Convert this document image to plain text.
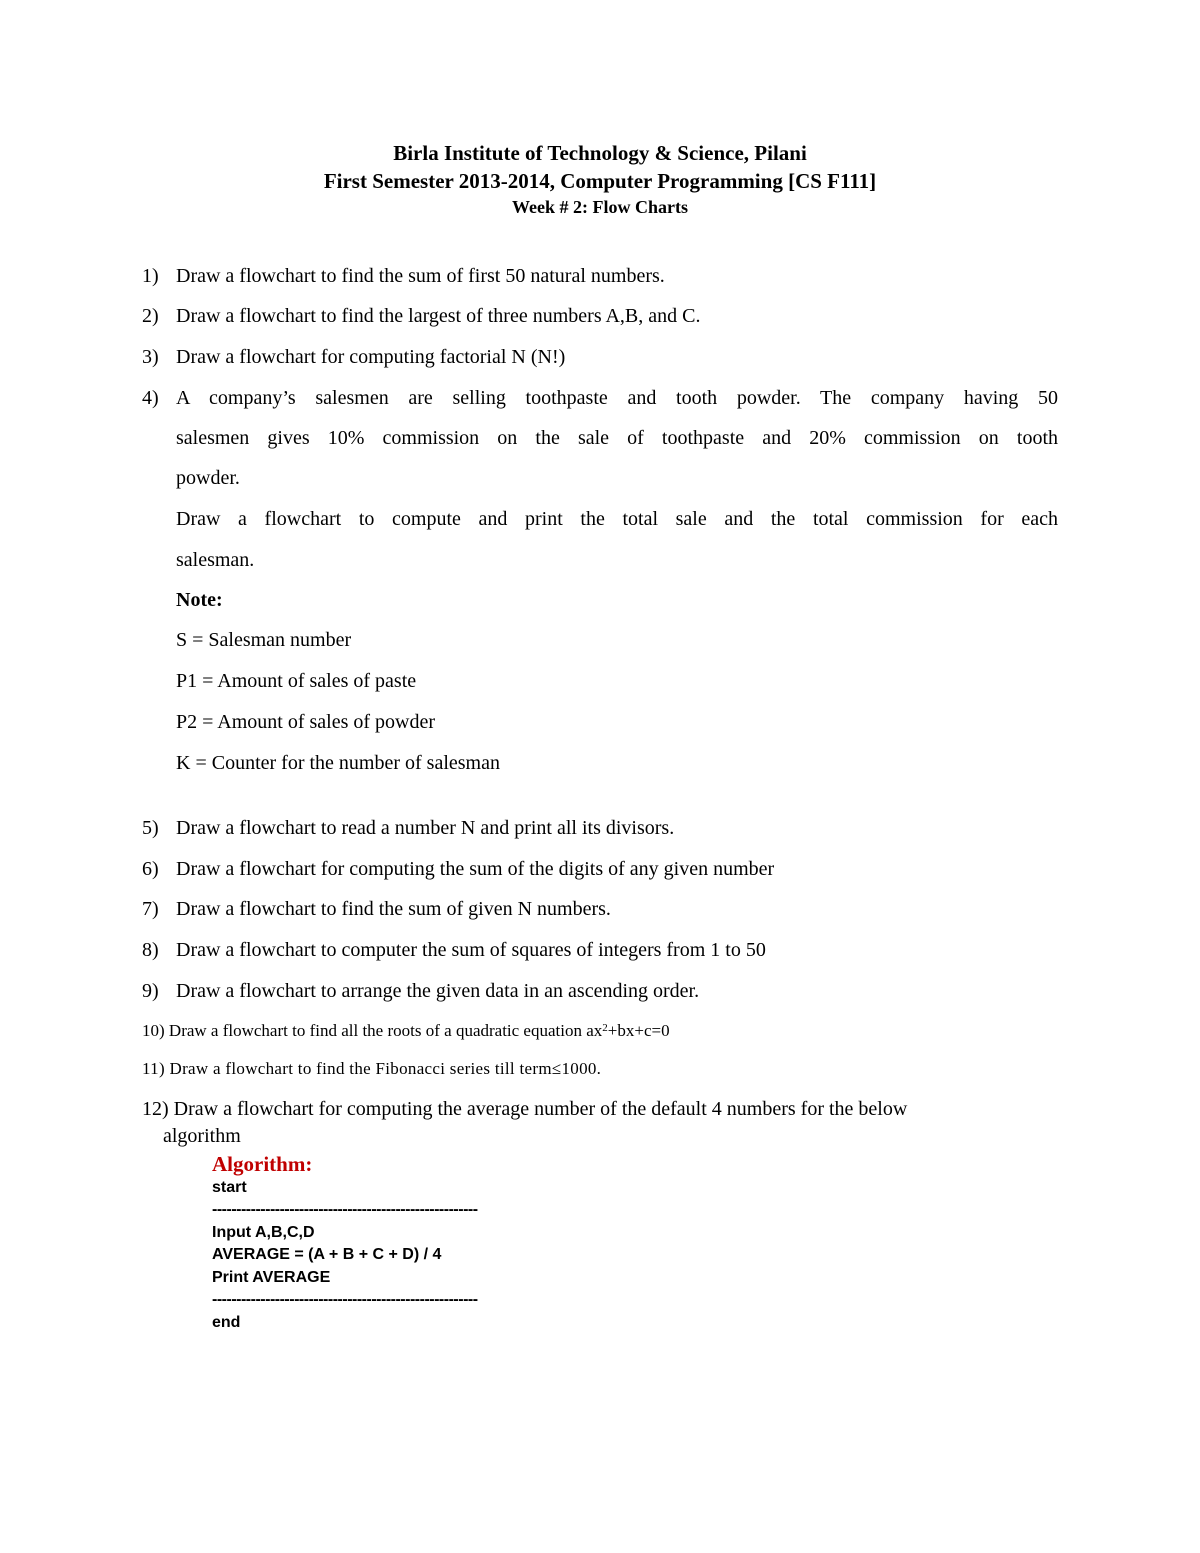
Birla Institute of Technology & Science, Pilani
First Semester 2013-2014, Computer Programming [CS F111]
Week # 2: Flow Charts
1) Draw a flowchart to find the sum of first 50 natural numbers.
2) Draw a flowchart to find the largest of three numbers A,B, and C.
3) Draw a flowchart for computing factorial N (N!)
4) A company’s salesmen are selling toothpaste and tooth powder. The company having 50
salesmen gives 10% commission on the sale of toothpaste and 20% commission on tooth
powder.
Draw a flowchart to compute and print the total sale and the total commission for each
salesman.
Note:
S = Salesman number
P1 = Amount of sales of paste
P2 = Amount of sales of powder
K = Counter for the number of salesman
5) Draw a flowchart to read a number N and print all its divisors.
6) Draw a flowchart for computing the sum of the digits of any given number
7) Draw a flowchart to find the sum of given N numbers.
8) Draw a flowchart to computer the sum of squares of integers from 1 to 50
9) Draw a flowchart to arrange the given data in an ascending order.
10) Draw a flowchart to find all the roots of a quadratic equation $ax^2+bx+c=0$
11) Draw a flowchart to find the Fibonacci series till term≤1000.
12) Draw a flowchart for computing the average number of the default 4 numbers for the below
algorithm
Algorithm:
start
-------------------------------------------------------
Input A,B,C,D
AVERAGE = (A + B + C + D) / 4
Print AVERAGE
-------------------------------------------------------
end
